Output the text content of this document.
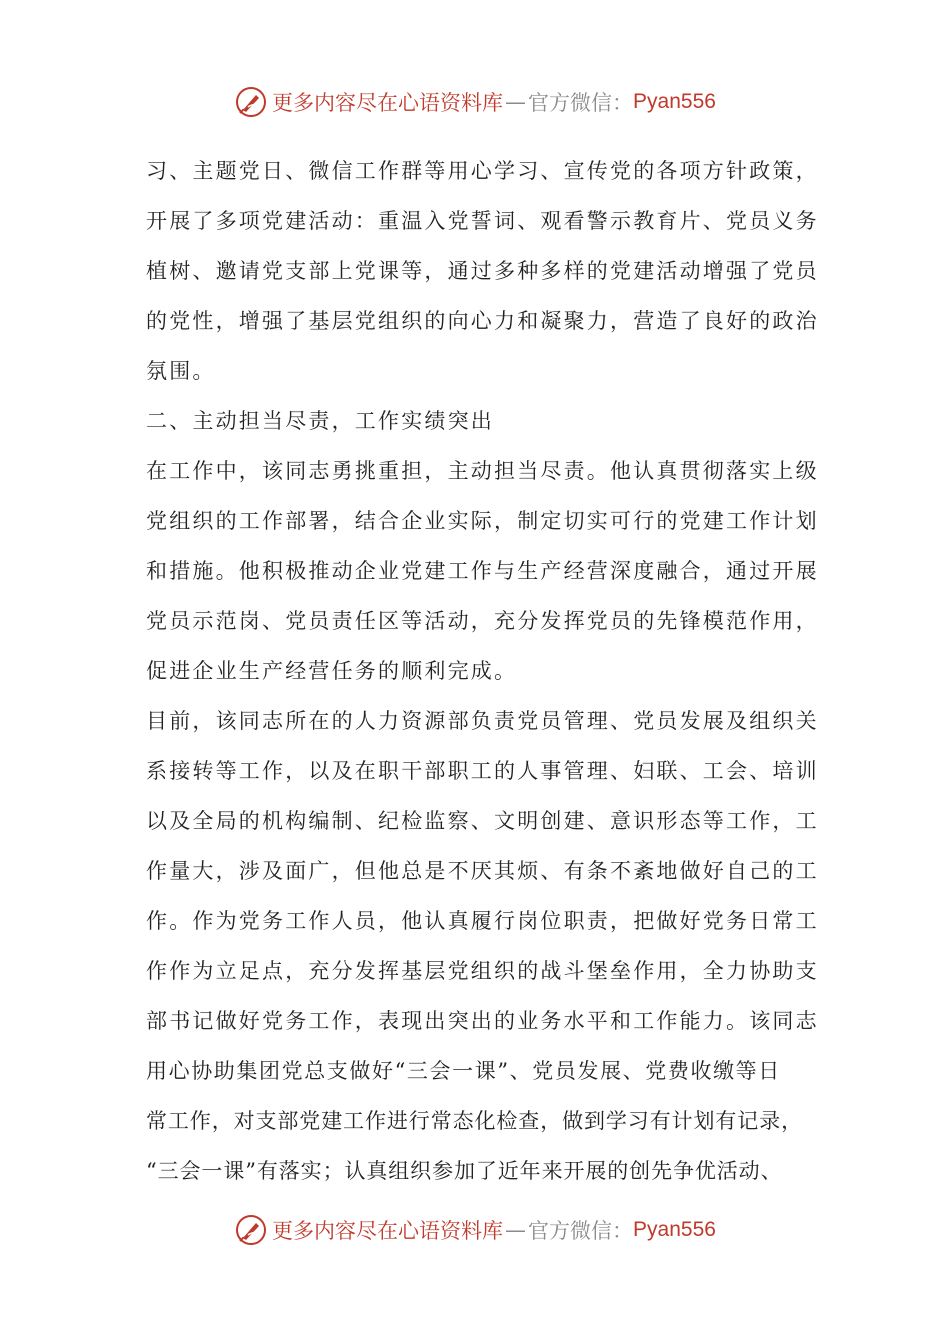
更多内容尽在心语资料库 — 官方微信： Pyan556
习、主题党日、微信工作群等用心学习、宣传党的各项方针政策，
开展了多项党建活动：重温入党誓词、观看警示教育片、党员义务
植树、邀请党支部上党课等，通过多种多样的党建活动增强了党员
的党性，增强了基层党组织的向心力和凝聚力，营造了良好的政治
氛围。
二、主动担当尽责，工作实绩突出
在工作中，该同志勇挑重担，主动担当尽责。他认真贯彻落实上级
党组织的工作部署，结合企业实际，制定切实可行的党建工作计划
和措施。他积极推动企业党建工作与生产经营深度融合，通过开展
党员示范岗、党员责任区等活动，充分发挥党员的先锋模范作用，
促进企业生产经营任务的顺利完成。
目前，该同志所在的人力资源部负责党员管理、党员发展及组织关
系接转等工作，以及在职干部职工的人事管理、妇联、工会、培训
以及全局的机构编制、纪检监察、文明创建、意识形态等工作，工
作量大，涉及面广，但他总是不厌其烦、有条不紊地做好自己的工
作。作为党务工作人员，他认真履行岗位职责，把做好党务日常工
作作为立足点，充分发挥基层党组织的战斗堡垒作用，全力协助支
部书记做好党务工作，表现出突出的业务水平和工作能力。该同志
用心协助集团党总支做好“三会一课”、党员发展、党费收缴等日
常工作，对支部党建工作进行常态化检查，做到学习有计划有记录，
“三会一课”有落实；认真组织参加了近年来开展的创先争优活动、
更多内容尽在心语资料库 — 官方微信： Pyan556
